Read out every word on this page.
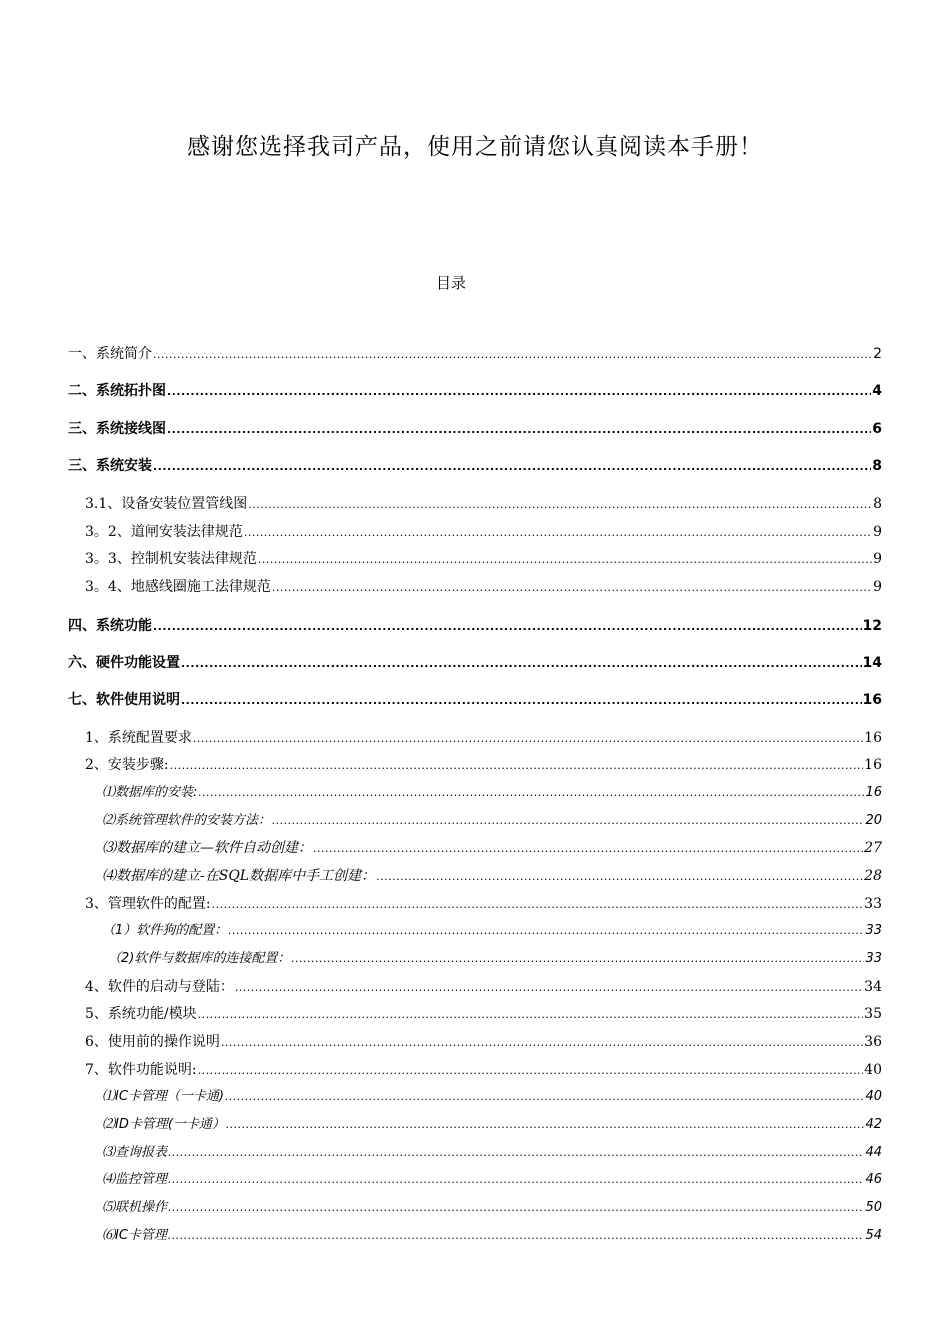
感谢您选择我司产品，使用之前请您认真阅读本手册！
目录
一、系统简介 .....	2
二、系统拓扑图 .....	4
三、系统接线图 .....	6
三、系统安装 .....	8
3.1、设备安装位置管线图 .....	8
3。2、道闸安装法律规范 .....	9
3。3、控制机安装法律规范 .....	9
3。4、地感线圈施工法律规范 .....	9
四、系统功能 .....	12
六、硬件功能设置 .....	14
七、软件使用说明 .....	16
1、系统配置要求 .....	16
2、安装步骤: .....	16
⑴数据库的安装: .....	16
⑵系统管理软件的安装方法： .....	20
⑶数据库的建立—软件自动创建： .....	27
⑷数据库的建立-在SQL数据库中手工创建： .....	28
3、管理软件的配置: .....	33
（1）软件狗的配置： .....	33
（2)软件与数据库的连接配置： .....	33
4、软件的启动与登陆： .....	34
5、系统功能/模块 .....	35
6、使用前的操作说明 .....	36
7、软件功能说明: .....	40
⑴IC卡管理（一卡通) .....	40
⑵ID卡管理(一卡通） .....	42
⑶查询报表 .....	44
⑷监控管理 .....	46
⑸联机操作 .....	50
⑹IC卡管理 .....	54
